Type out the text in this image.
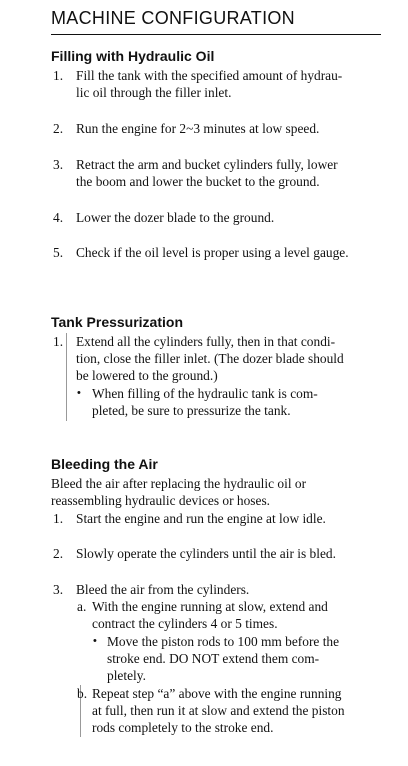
MACHINE CONFIGURATION
Filling with Hydraulic Oil
1. Fill the tank with the specified amount of hydrau-
lic oil through the filler inlet.
2. Run the engine for 2~3 minutes at low speed.
3. Retract the arm and bucket cylinders fully, lower
the boom and lower the bucket to the ground.
4. Lower the dozer blade to the ground.
5. Check if the oil level is proper using a level gauge.
Tank Pressurization
1. Extend all the cylinders fully, then in that condi-
tion, close the filler inlet. (The dozer blade should
be lowered to the ground.)
• When filling of the hydraulic tank is com-
pleted, be sure to pressurize the tank.
Bleeding the Air
Bleed the air after replacing the hydraulic oil or
reassembling hydraulic devices or hoses.
1. Start the engine and run the engine at low idle.
2. Slowly operate the cylinders until the air is bled.
3. Bleed the air from the cylinders.
a. With the engine running at slow, extend and
contract the cylinders 4 or 5 times.
• Move the piston rods to 100 mm before the
stroke end. DO NOT extend them com-
pletely.
b. Repeat step “a” above with the engine running
at full, then run it at slow and extend the piston
rods completely to the stroke end.
